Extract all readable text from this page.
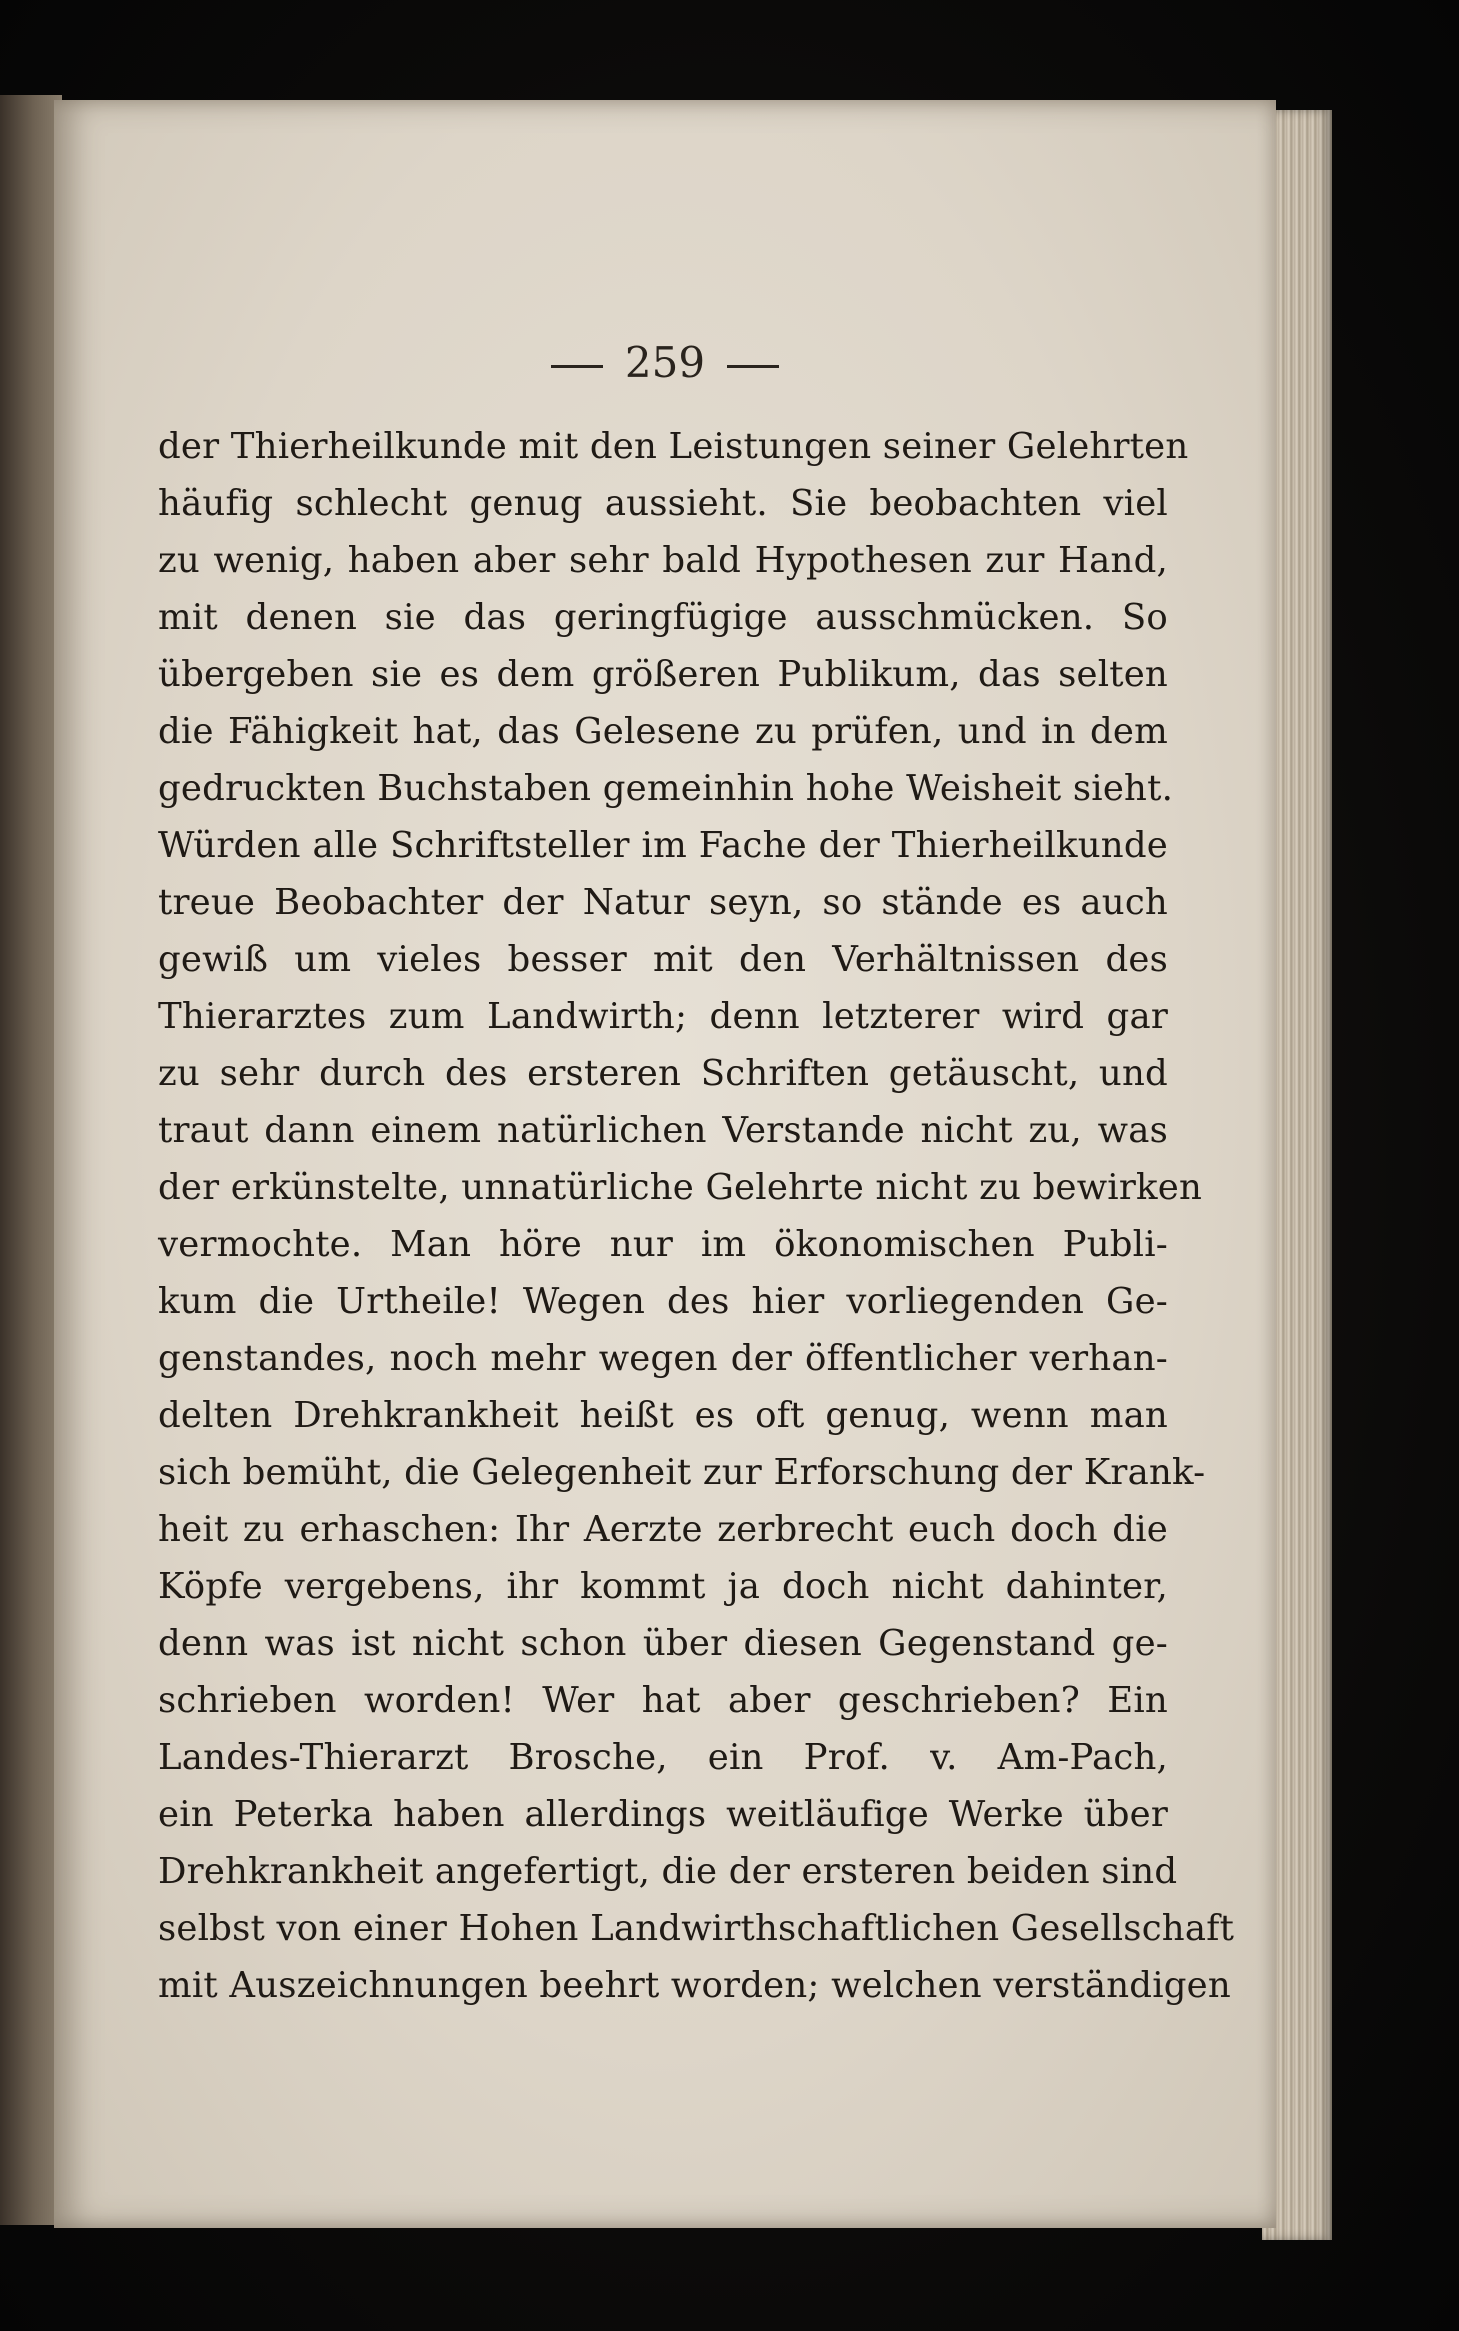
259
der Thierheilkunde mit den Leistungen seiner Gelehrten
häufig schlecht genug aussieht. Sie beobachten viel
zu wenig, haben aber sehr bald Hypothesen zur Hand,
mit denen sie das geringfügige ausschmücken. So
übergeben sie es dem größeren Publikum, das selten
die Fähigkeit hat, das Gelesene zu prüfen, und in dem
gedruckten Buchstaben gemeinhin hohe Weisheit sieht.
Würden alle Schriftsteller im Fache der Thierheilkunde
treue Beobachter der Natur seyn, so stände es auch
gewiß um vieles besser mit den Verhältnissen des
Thierarztes zum Landwirth; denn letzterer wird gar
zu sehr durch des ersteren Schriften getäuscht, und
traut dann einem natürlichen Verstande nicht zu, was
der erkünstelte, unnatürliche Gelehrte nicht zu bewirken
vermochte. Man höre nur im ökonomischen Publi-
kum die Urtheile! Wegen des hier vorliegenden Ge-
genstandes, noch mehr wegen der öffentlicher verhan-
delten Drehkrankheit heißt es oft genug, wenn man
sich bemüht, die Gelegenheit zur Erforschung der Krank-
heit zu erhaschen: Ihr Aerzte zerbrecht euch doch die
Köpfe vergebens, ihr kommt ja doch nicht dahinter,
denn was ist nicht schon über diesen Gegenstand ge-
schrieben worden! Wer hat aber geschrieben? Ein
Landes-Thierarzt Brosche, ein Prof. v. Am-Pach,
ein Peterka haben allerdings weitläufige Werke über
Drehkrankheit angefertigt, die der ersteren beiden sind
selbst von einer Hohen Landwirthschaftlichen Gesellschaft
mit Auszeichnungen beehrt worden; welchen verständigen
